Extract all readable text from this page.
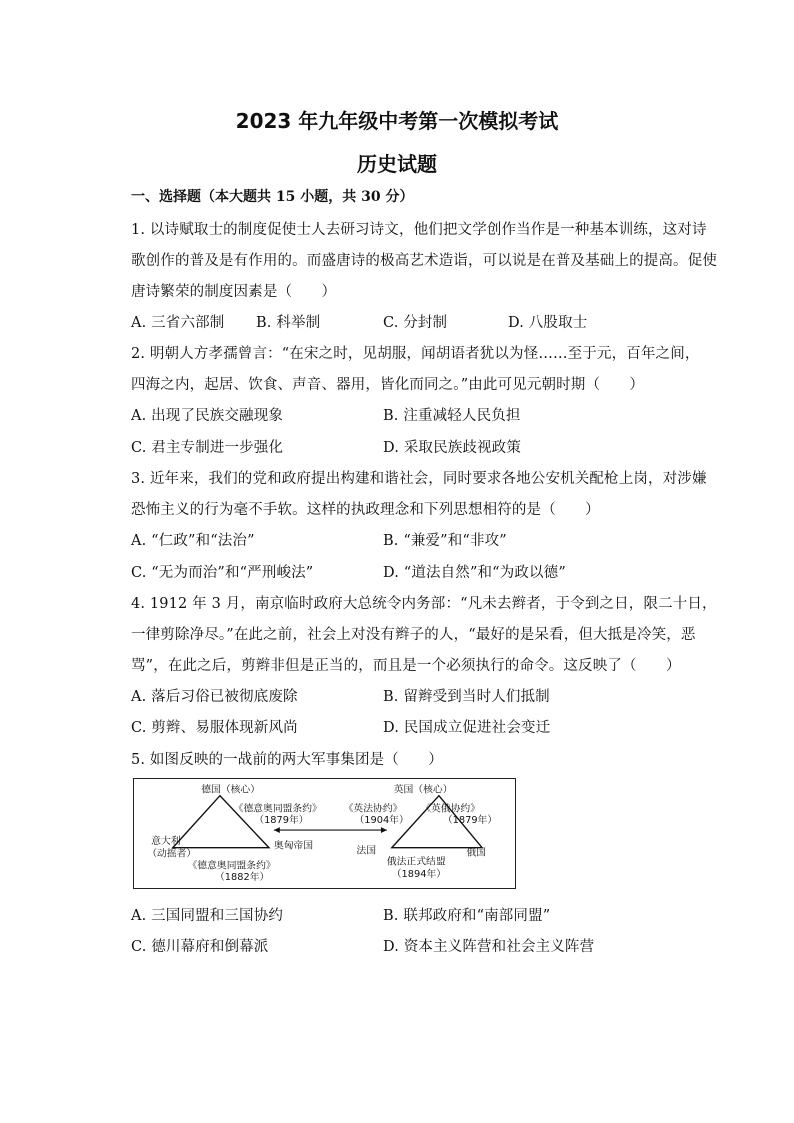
2023 年九年级中考第一次模拟考试
历史试题
一、选择题（本大题共 15 小题，共 30 分）
1. 以诗赋取士的制度促使士人去研习诗文，他们把文学创作当作是一种基本训练，这对诗
歌创作的普及是有作用的。而盛唐诗的极高艺术造诣，可以说是在普及基础上的提高。促使
唐诗繁荣的制度因素是（　　）
A. 三省六部制 B. 科举制	C. 分封制	D. 八股取士
2. 明朝人方孝孺曾言：“在宋之时，见胡服，闻胡语者犹以为怪……至于元，百年之间，
四海之内，起居、饮食、声音、器用，皆化而同之。”由此可见元朝时期（　　）
A. 出现了民族交融现象	B. 注重减轻人民负担
C. 君主专制进一步强化	D. 采取民族歧视政策
3. 近年来，我们的党和政府提出构建和谐社会，同时要求各地公安机关配枪上岗，对涉嫌
恐怖主义的行为毫不手软。这样的执政理念和下列思想相符的是（　　）
A. “仁政”和“法治”	B. “兼爱”和“非攻”
C. “无为而治”和“严刑峻法”	D. “道法自然”和“为政以德”
4. 1912 年 3 月，南京临时政府大总统令内务部：“凡未去辫者，于令到之日，限二十日，
一律剪除净尽。”在此之前，社会上对没有辫子的人，“最好的是呆看，但大抵是冷笑，恶
骂”，在此之后，剪辫非但是正当的，而且是一个必须执行的命令。这反映了（　　）
A. 落后习俗已被彻底废除	B. 留辫受到当时人们抵制
C. 剪辫、易服体现新风尚	D. 民国成立促进社会变迁
5. 如图反映的一战前的两大军事集团是（　　）
德国（核心）
意大利
（动摇者）
奥匈帝国
《德意奥同盟条约》
（1879年）
《德意奥同盟条约》
（1882年）
英国（核心）
法国	俄国
《英法协约》
（1904年）
《英俄协约》
（1879年）
俄法正式结盟
（1894年）
A. 三国同盟和三国协约	B. 联邦政府和“南部同盟”
C. 德川幕府和倒幕派	D. 资本主义阵营和社会主义阵营
